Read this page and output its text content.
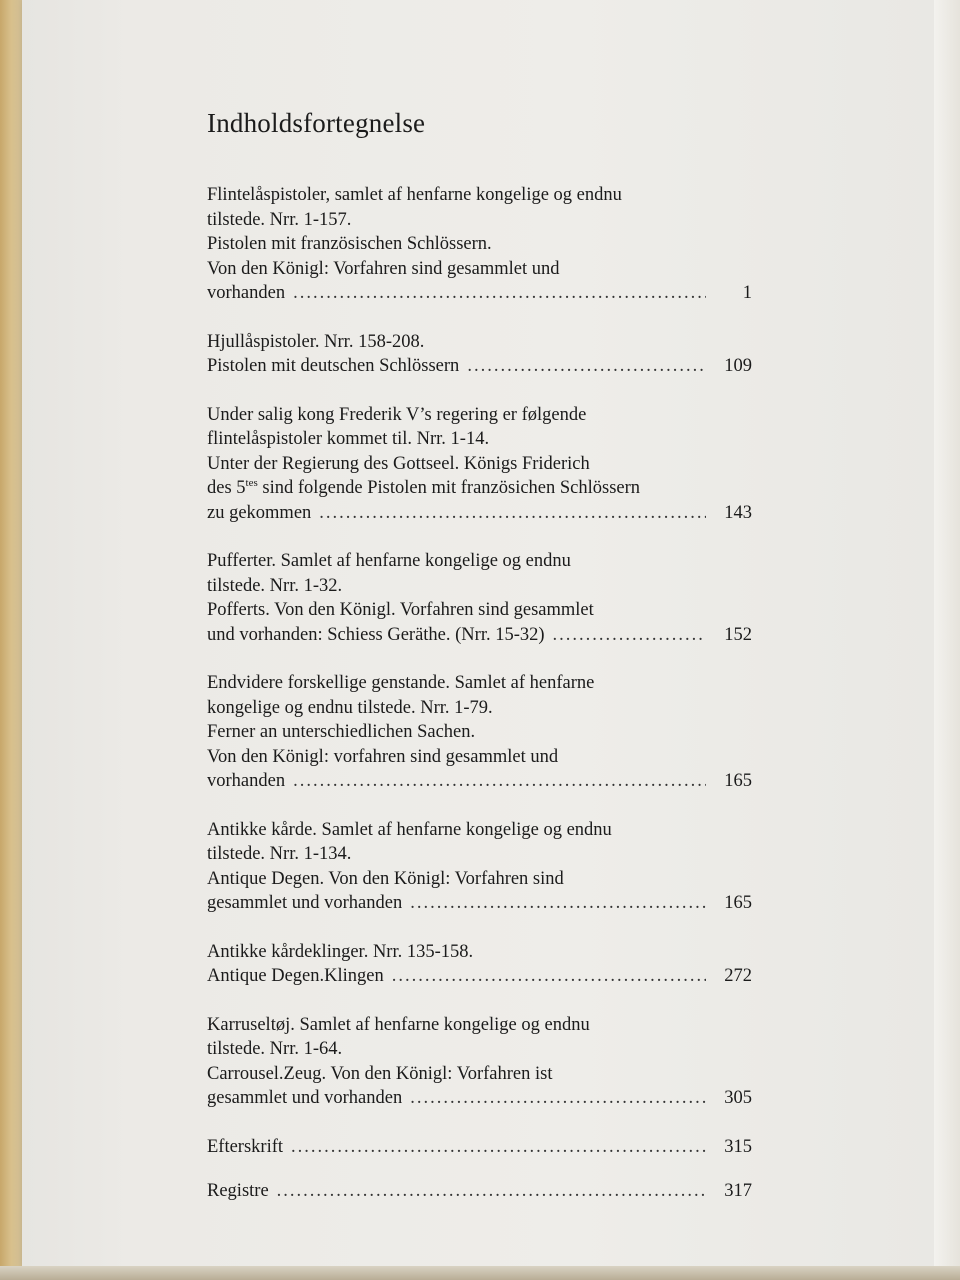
Indholdsfortegnelse
Flintelåspistoler, samlet af henfarne kongelige og endnu
tilstede. Nrr. 1-157.
Pistolen mit französischen Schlössern.
Von den Königl: Vorfahren sind gesammlet und
vorhanden .....	1
Hjullåspistoler. Nrr. 158-208.
Pistolen mit deutschen Schlössern .....	109
Under salig kong Frederik V’s regering er følgende
flintelåspistoler kommet til. Nrr. 1-14.
Unter der Regierung des Gottseel. Königs Friderich
des $5^{tes}$ sind folgende Pistolen mit französichen Schlössern
zu gekommen .....	143
Pufferter. Samlet af henfarne kongelige og endnu
tilstede. Nrr. 1-32.
Pofferts. Von den Königl. Vorfahren sind gesammlet
und vorhanden: Schiess Geräthe. (Nrr. 15-32) .....	152
Endvidere forskellige genstande. Samlet af henfarne
kongelige og endnu tilstede. Nrr. 1-79.
Ferner an unterschiedlichen Sachen.
Von den Königl: vorfahren sind gesammlet und
vorhanden .....	165
Antikke kårde. Samlet af henfarne kongelige og endnu
tilstede. Nrr. 1-134.
Antique Degen. Von den Königl: Vorfahren sind
gesammlet und vorhanden .....	165
Antikke kårdeklinger. Nrr. 135-158.
Antique Degen.Klingen .....	272
Karruseltøj. Samlet af henfarne kongelige og endnu
tilstede. Nrr. 1-64.
Carrousel.Zeug. Von den Königl: Vorfahren ist
gesammlet und vorhanden .....	305
Efterskrift .....	315
Registre .....	317
